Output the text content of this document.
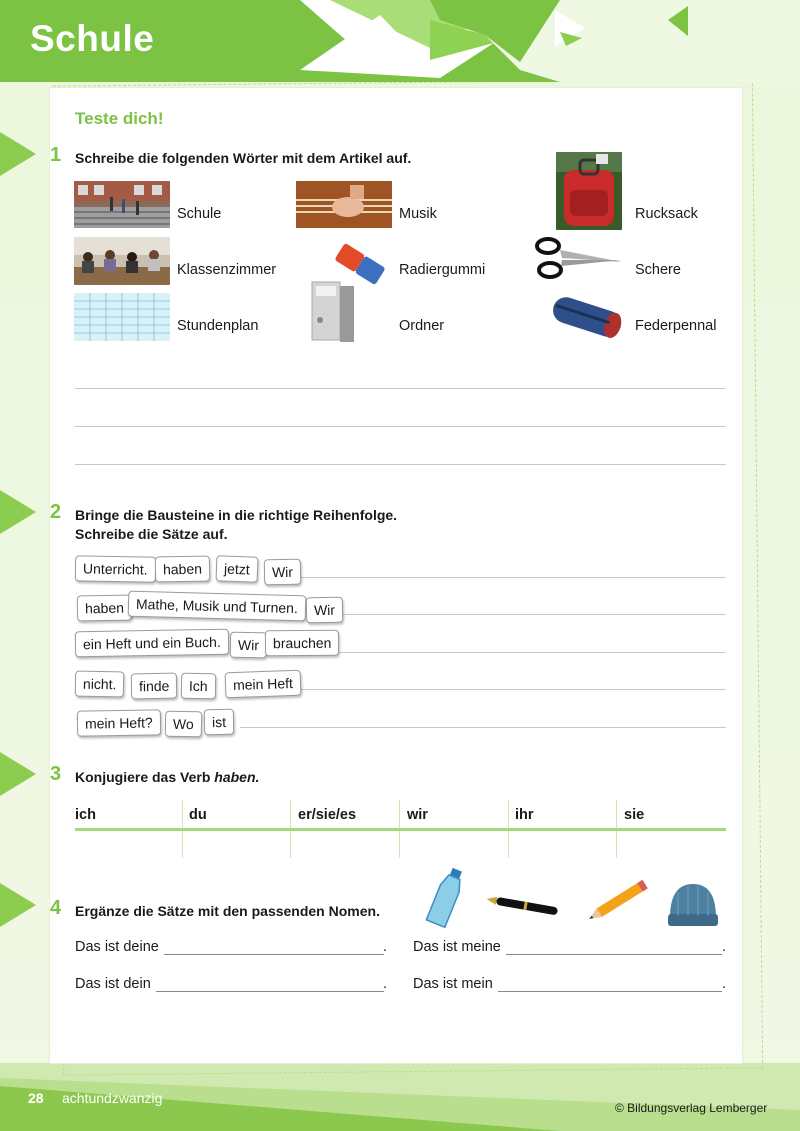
Schule
Teste dich!
1 Schreibe die folgenden Wörter mit dem Artikel auf.
Schule	Musik	Rucksack
Klassenzimmer	Radiergummi	Schere
Stundenplan	Ordner	Federpennal
2 Bringe die Bausteine in die richtige Reihenfolge.
Schreibe die Sätze auf.
Unterricht.	haben	jetzt	Wir
haben Mathe, Musik und Turnen.	Wir
ein Heft und ein Buch.	Wir brauchen
nicht.	finde	Ich	mein Heft
mein Heft?	Wo	ist
3 Konjugiere das Verb haben.
ich	du	er/sie/es	wir	ihr	sie
4 Ergänze die Sätze mit den passenden Nomen.
Das ist deine	. Das ist meine	.
Das ist dein	. Das ist mein	.
28 achtundzwanzig
© Bildungsverlag Lemberger
